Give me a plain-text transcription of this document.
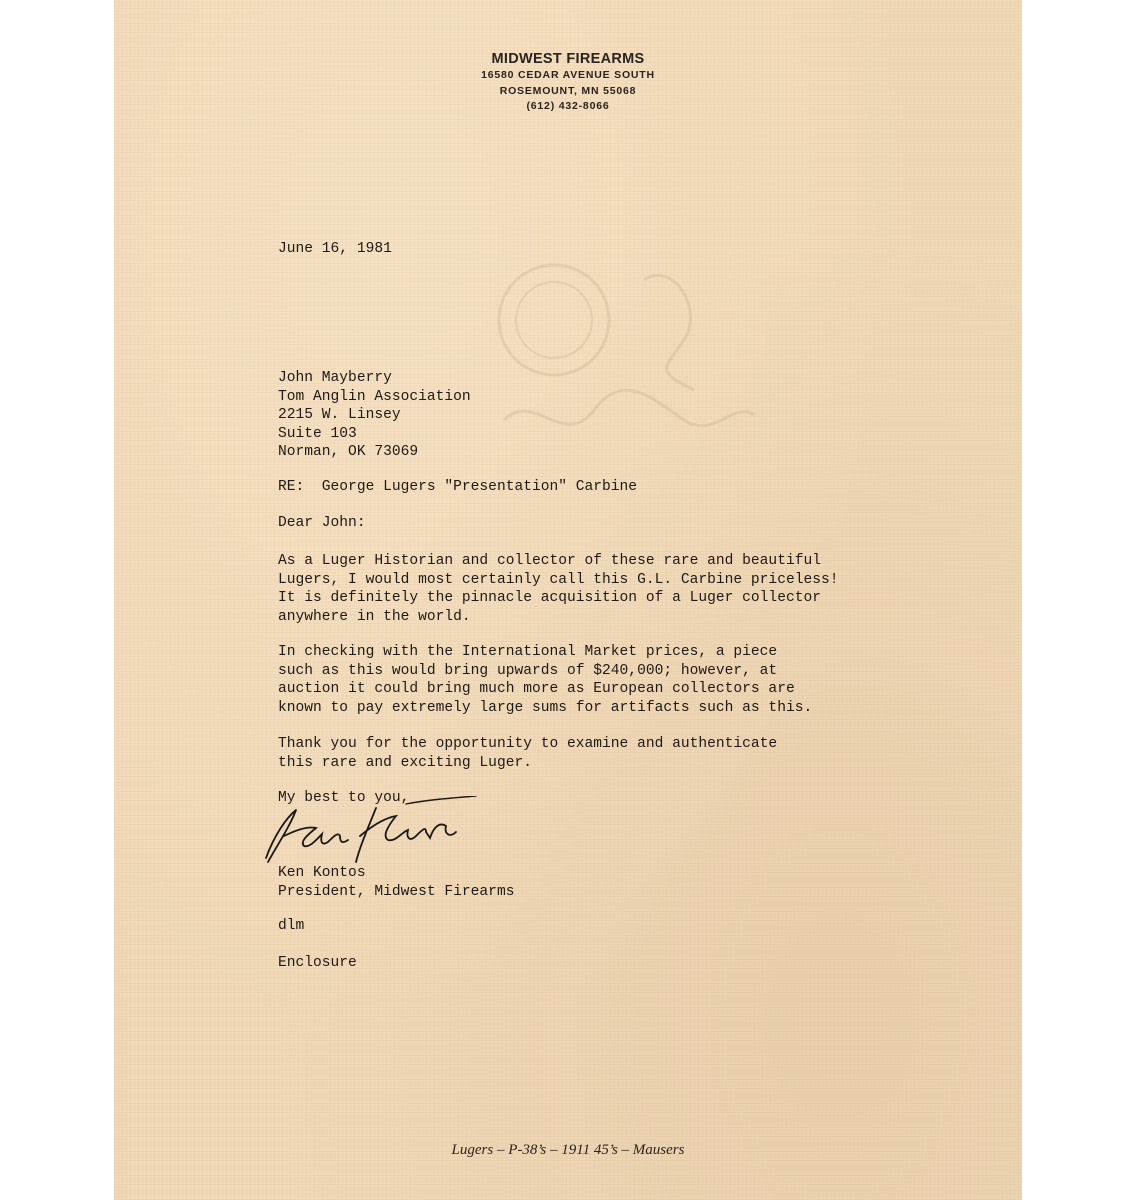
MIDWEST FIREARMS
16580 CEDAR AVENUE SOUTH
ROSEMOUNT, MN 55068
(612) 432-8066
June 16, 1981
John Mayberry
Tom Anglin Association
2215 W. Linsey
Suite 103
Norman, OK 73069
RE:  George Lugers "Presentation" Carbine
Dear John:
As a Luger Historian and collector of these rare and beautiful
Lugers, I would most certainly call this G.L. Carbine priceless!
It is definitely the pinnacle acquisition of a Luger collector
anywhere in the world.
In checking with the International Market prices, a piece
such as this would bring upwards of $240,000; however, at
auction it could bring much more as European collectors are
known to pay extremely large sums for artifacts such as this.
Thank you for the opportunity to examine and authenticate
this rare and exciting Luger.
My best to you,
Ken Kontos
President, Midwest Firearms
dlm
Enclosure
Lugers – P-38’s – 1911 45’s – Mausers
